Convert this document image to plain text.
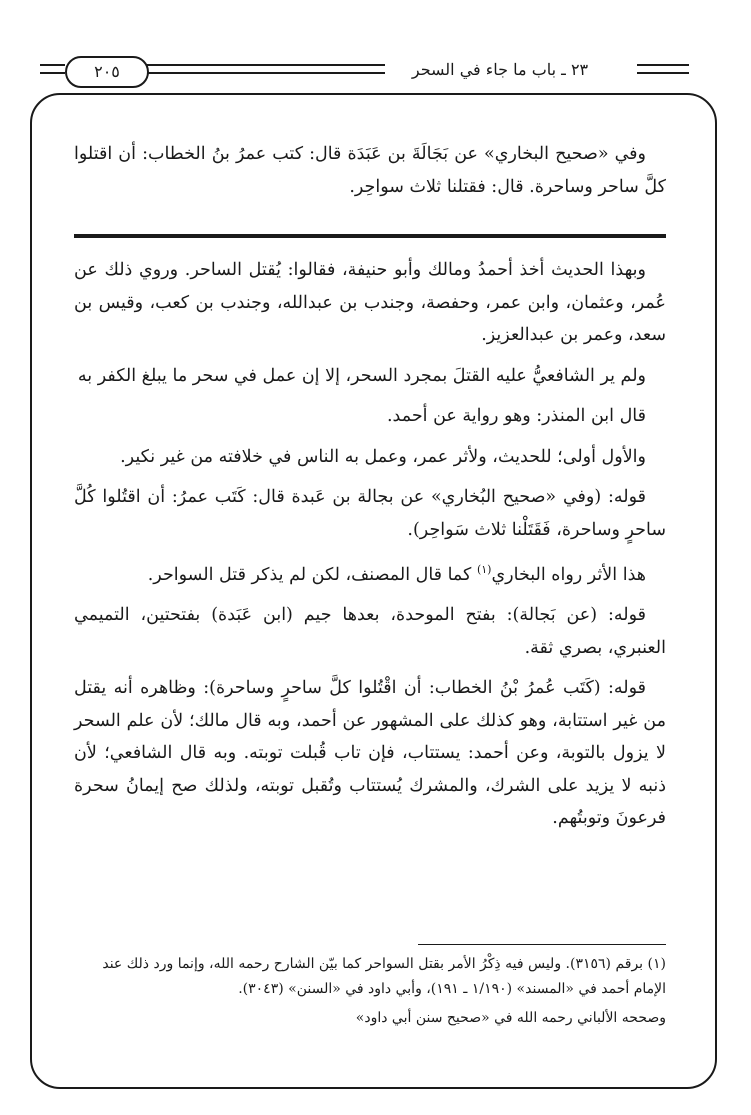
٢٣ ـ باب ما جاء في السحر
٢٠٥

وفي «صحيح البخاري» عن بَجَالَةَ بن عَبَدَة قال: كتب عمرُ بنُ الخطاب: أن اقتلوا كلَّ ساحر وساحرة. قال: فقتلنا ثلاث سواحِر.

وبهذا الحديث أخذ أحمدُ ومالك وأبو حنيفة، فقالوا: يُقتل الساحر. وروي ذلك عن عُمر، وعثمان، وابن عمر، وحفصة، وجندب بن عبدالله، وجندب بن كعب، وقيس بن سعد، وعمر بن عبدالعزيز.

ولم ير الشافعيُّ عليه القتلَ بمجرد السحر، إلا إن عمل في سحر ما يبلغ الكفر به

قال ابن المنذر: وهو رواية عن أحمد.

والأول أولى؛ للحديث، ولأثر عمر، وعمل به الناس في خلافته من غير نكير.

قوله: (وفي «صحيح البُخاري» عن بجالة بن عَبدة قال: كَتَب عمرُ: أن اقتُلوا كُلَّ ساحرٍ وساحرة، فَقَتَلْنا ثلاث سَواحِر).

هذا الأثر رواه البخاري$^{(١)}$ كما قال المصنف، لكن لم يذكر قتل السواحر.

قوله: (عن بَجالة): بفتح الموحدة، بعدها جيم (ابن عَبَدة) بفتحتين، التميمي العنبري، بصري ثقة.

قوله: (كَتَب عُمرُ بْنُ الخطاب: أن اقْتُلوا كلَّ ساحرٍ وساحرة): وظاهره أنه يقتل من غير استتابة، وهو كذلك على المشهور عن أحمد، وبه قال مالك؛ لأن علم السحر لا يزول بالتوبة، وعن أحمد: يستتاب، فإن تاب قُبلت توبته. وبه قال الشافعي؛ لأن ذنبه لا يزيد على الشرك، والمشرك يُستتاب وتُقبل توبته، ولذلك صح إيمانُ سحرة فرعونَ وتوبتُهم.

(١) برقم (٣١٥٦). وليس فيه ذِكْرُ الأمر بقتل السواحر كما بيّن الشارح رحمه الله، وإنما ورد ذلك عند الإمام أحمد في «المسند» (١/١٩٠ ـ ١٩١)، وأبي داود في «السنن» (٣٠٤٣).

وصححه الألباني رحمه الله في «صحيح سنن أبي داود»
